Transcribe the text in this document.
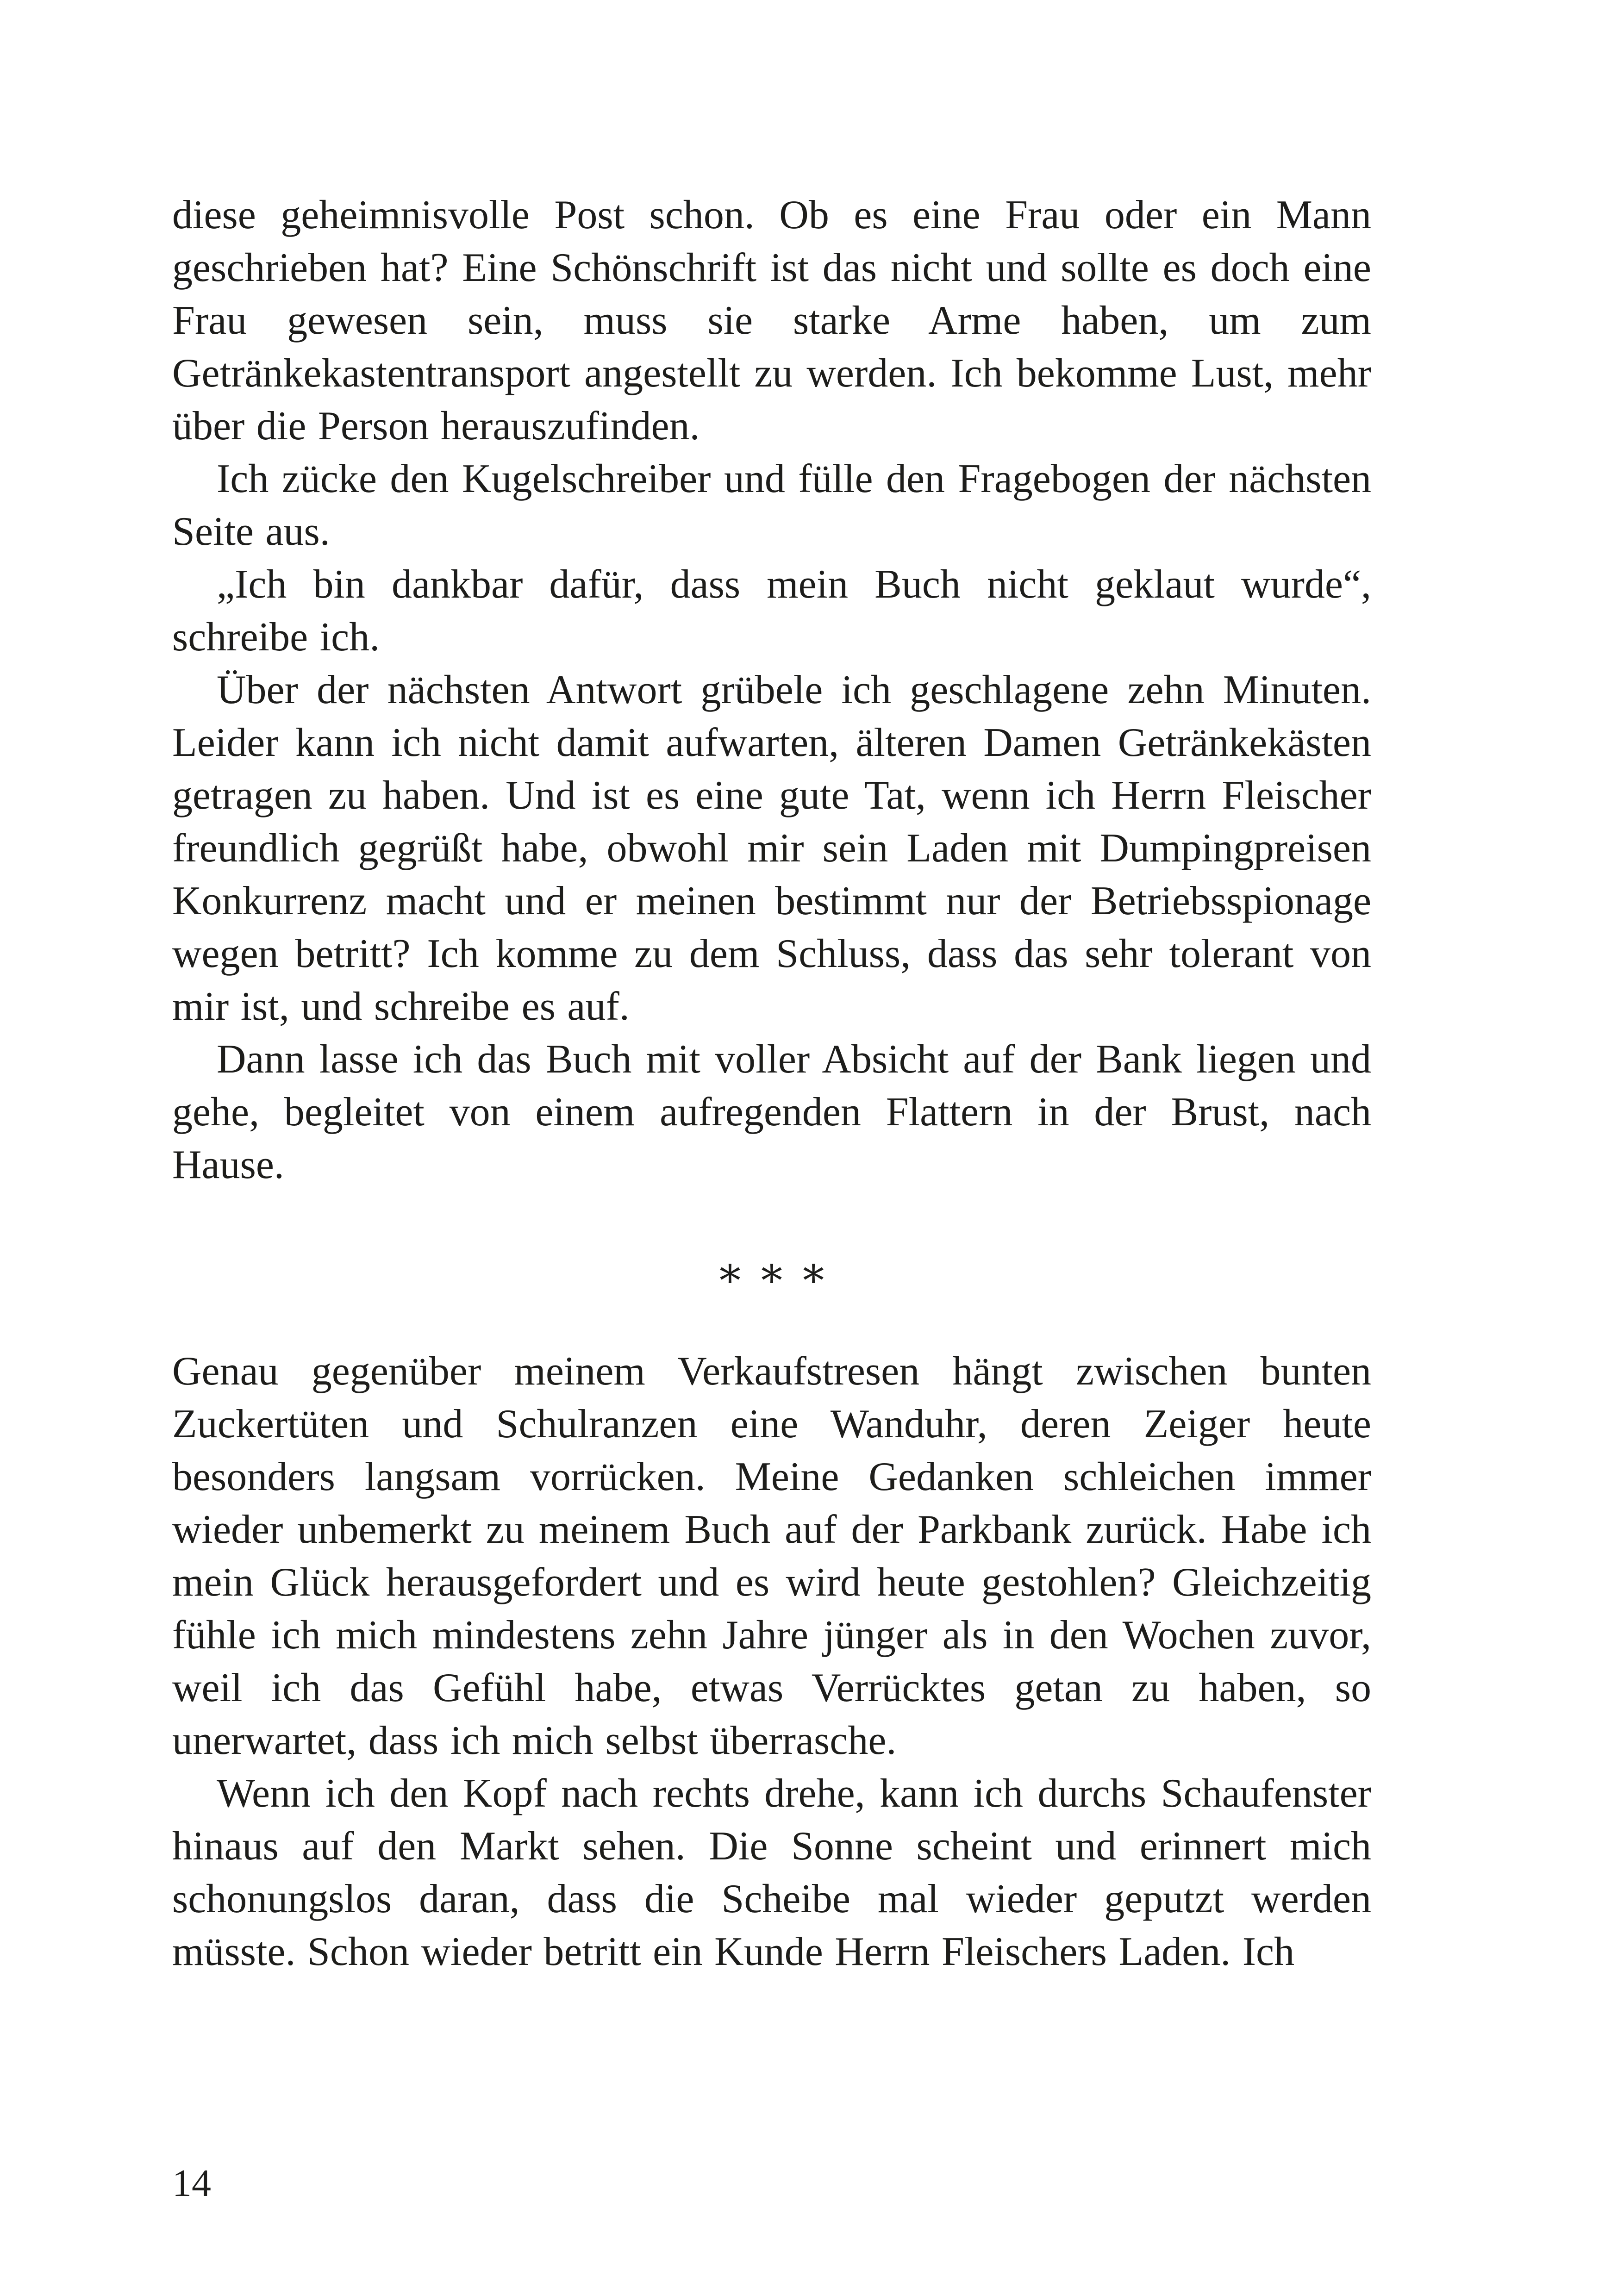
diese geheimnisvolle Post schon. Ob es eine Frau oder ein Mann geschrieben hat? Eine Schönschrift ist das nicht und sollte es doch eine Frau gewesen sein, muss sie starke Arme haben, um zum Getränkekastentransport angestellt zu werden. Ich bekomme Lust, mehr über die Person herauszufinden.

Ich zücke den Kugelschreiber und fülle den Fragebogen der nächsten Seite aus.

„Ich bin dankbar dafür, dass mein Buch nicht geklaut wurde“, schreibe ich.

Über der nächsten Antwort grübele ich geschlagene zehn Minuten. Leider kann ich nicht damit aufwarten, älteren Damen Getränkekästen getragen zu haben. Und ist es eine gute Tat, wenn ich Herrn Fleischer freundlich gegrüßt habe, obwohl mir sein Laden mit Dumpingpreisen Konkurrenz macht und er meinen bestimmt nur der Betriebsspionage wegen betritt? Ich komme zu dem Schluss, dass das sehr tolerant von mir ist, und schreibe es auf.

Dann lasse ich das Buch mit voller Absicht auf der Bank liegen und gehe, begleitet von einem aufregenden Flattern in der Brust, nach Hause.

∗∗∗

Genau gegenüber meinem Verkaufstresen hängt zwischen bunten Zuckertüten und Schulranzen eine Wanduhr, deren Zeiger heute besonders langsam vorrücken. Meine Gedanken schleichen immer wieder unbemerkt zu meinem Buch auf der Parkbank zurück. Habe ich mein Glück herausgefordert und es wird heute gestohlen? Gleichzeitig fühle ich mich mindestens zehn Jahre jünger als in den Wochen zuvor, weil ich das Gefühl habe, etwas Verrücktes getan zu haben, so unerwartet, dass ich mich selbst überrasche.

Wenn ich den Kopf nach rechts drehe, kann ich durchs Schaufenster hinaus auf den Markt sehen. Die Sonne scheint und erinnert mich schonungslos daran, dass die Scheibe mal wieder geputzt werden müsste. Schon wieder betritt ein Kunde Herrn Fleischers Laden. Ich

14
